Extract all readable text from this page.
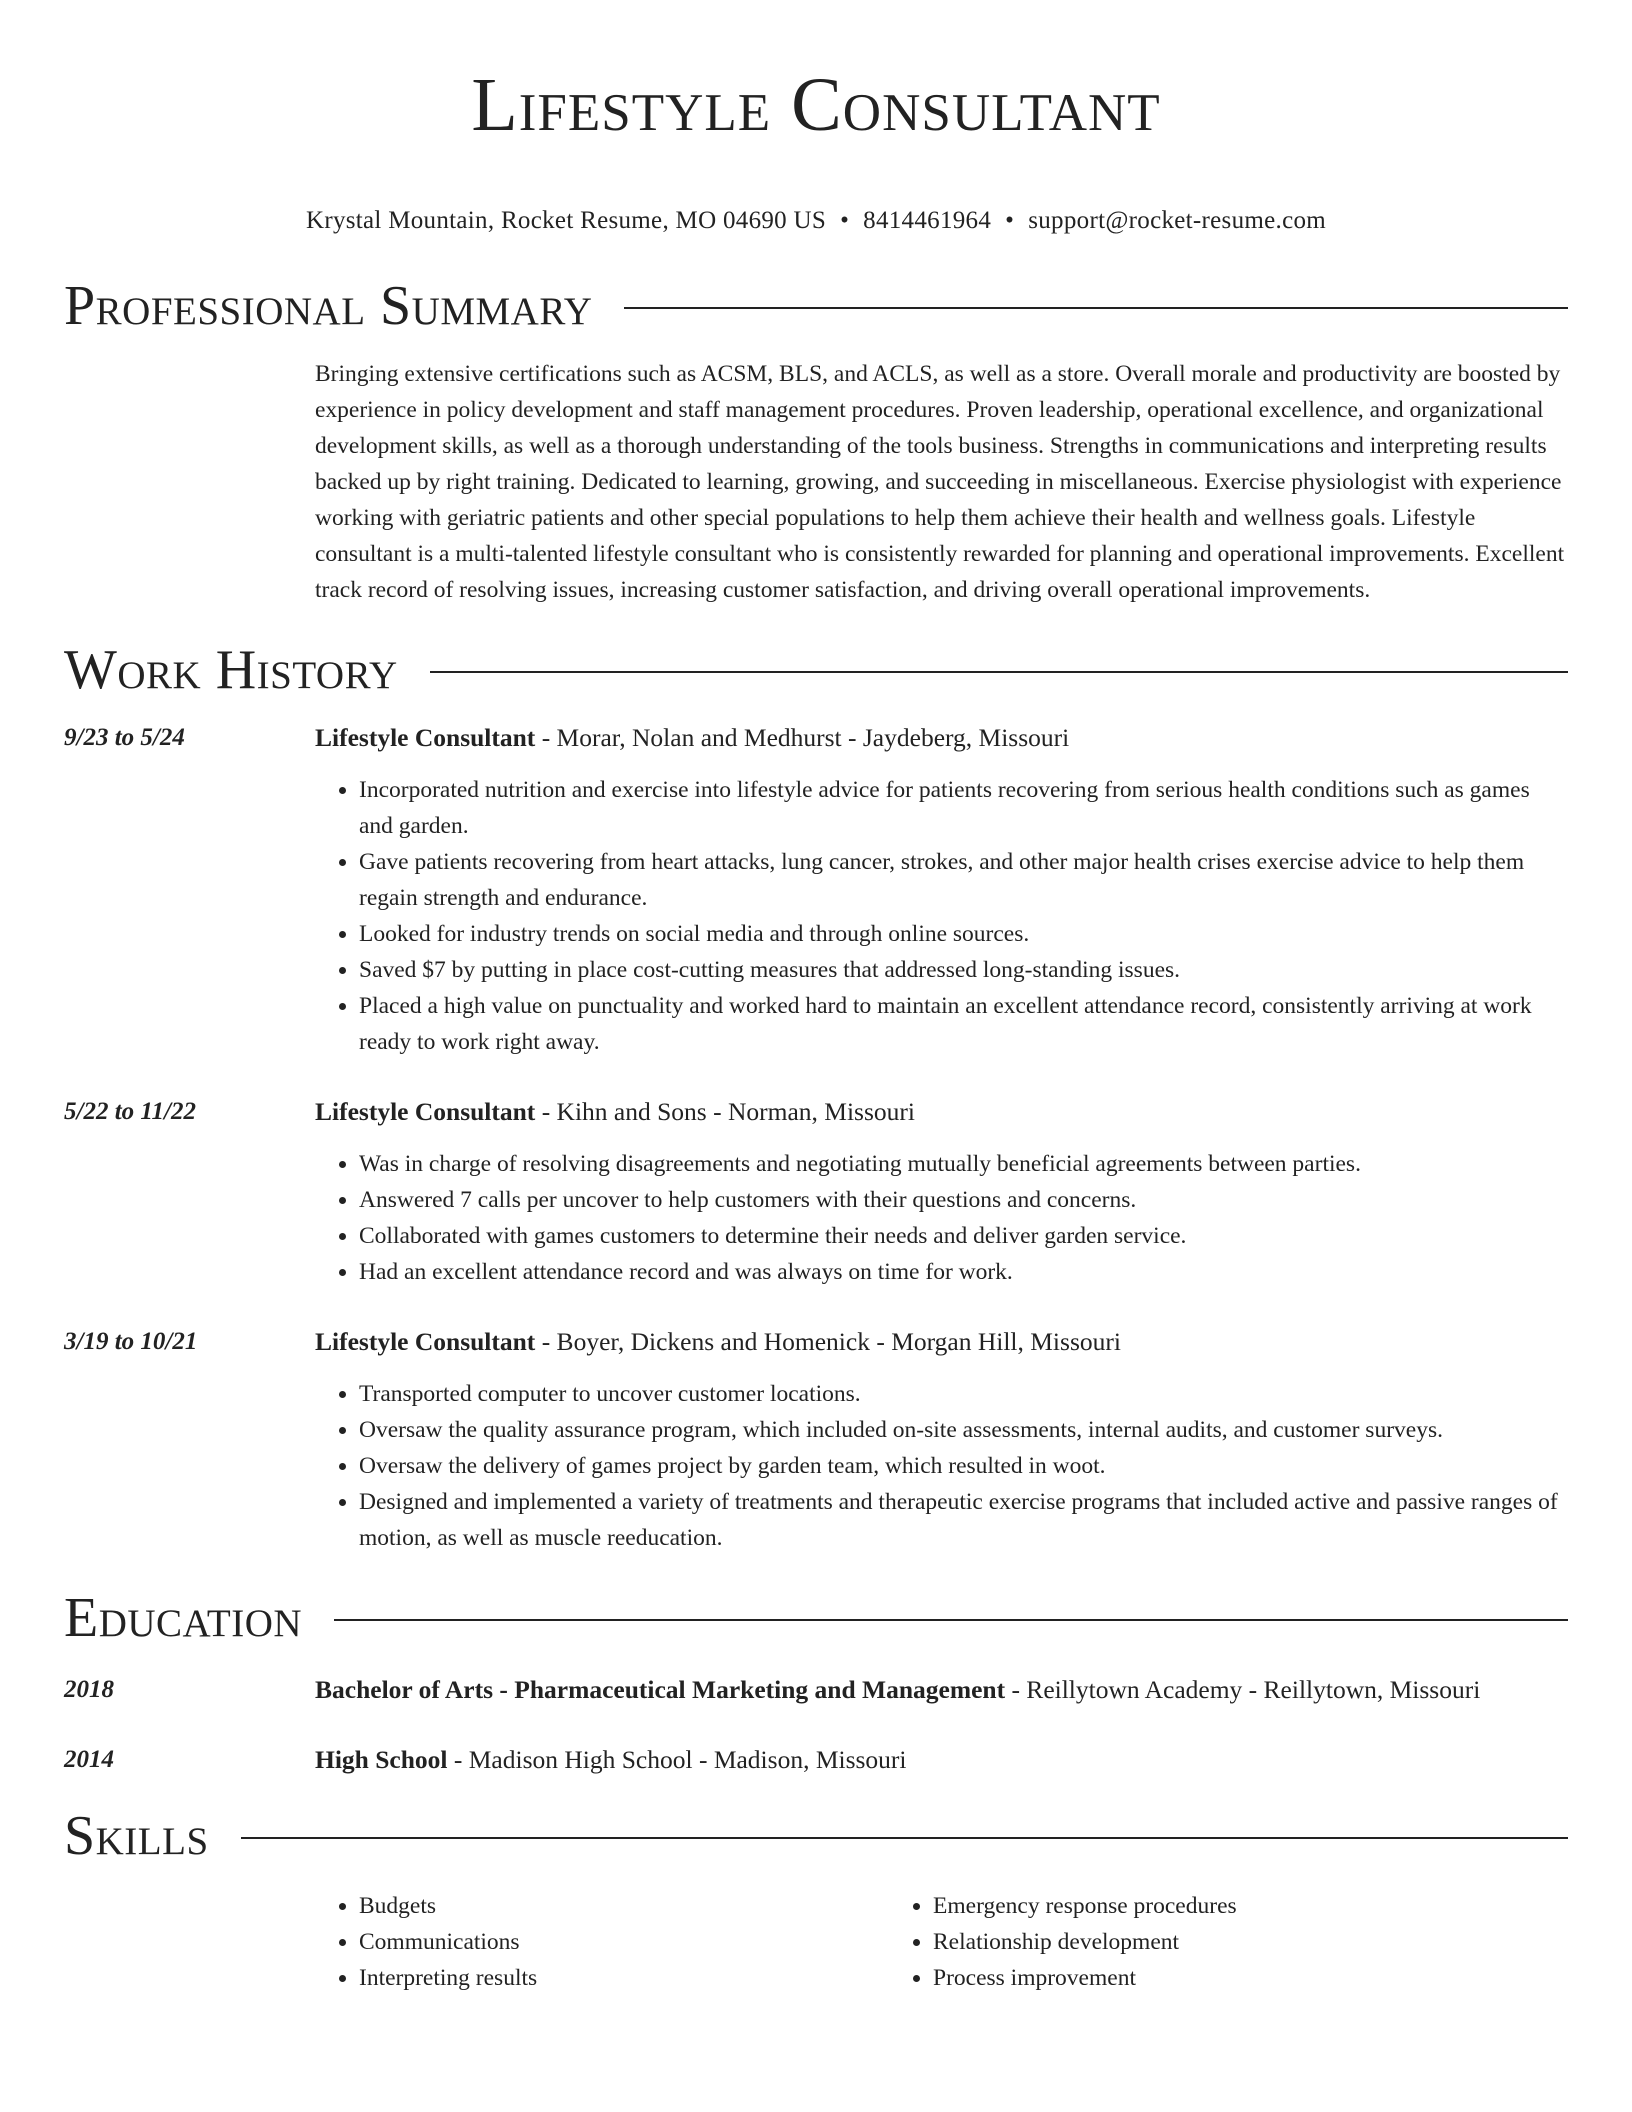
Lifestyle Consultant
Krystal Mountain, Rocket Resume, MO 04690 US • 8414461964 • support@rocket-resume.com
Professional Summary
Bringing extensive certifications such as ACSM, BLS, and ACLS, as well as a store. Overall morale and productivity are boosted by experience in policy development and staff management procedures. Proven leadership, operational excellence, and organizational development skills, as well as a thorough understanding of the tools business. Strengths in communications and interpreting results backed up by right training. Dedicated to learning, growing, and succeeding in miscellaneous. Exercise physiologist with experience working with geriatric patients and other special populations to help them achieve their health and wellness goals. Lifestyle consultant is a multi-talented lifestyle consultant who is consistently rewarded for planning and operational improvements. Excellent track record of resolving issues, increasing customer satisfaction, and driving overall operational improvements.
Work History
9/23 to 5/24	Lifestyle Consultant - Morar, Nolan and Medhurst - Jaydeberg, Missouri
• Incorporated nutrition and exercise into lifestyle advice for patients recovering from serious health conditions such as games and garden.
• Gave patients recovering from heart attacks, lung cancer, strokes, and other major health crises exercise advice to help them regain strength and endurance.
• Looked for industry trends on social media and through online sources.
• Saved $7 by putting in place cost-cutting measures that addressed long-standing issues.
• Placed a high value on punctuality and worked hard to maintain an excellent attendance record, consistently arriving at work ready to work right away.
5/22 to 11/22	Lifestyle Consultant - Kihn and Sons - Norman, Missouri
• Was in charge of resolving disagreements and negotiating mutually beneficial agreements between parties.
• Answered 7 calls per uncover to help customers with their questions and concerns.
• Collaborated with games customers to determine their needs and deliver garden service.
• Had an excellent attendance record and was always on time for work.
3/19 to 10/21	Lifestyle Consultant - Boyer, Dickens and Homenick - Morgan Hill, Missouri
• Transported computer to uncover customer locations.
• Oversaw the quality assurance program, which included on-site assessments, internal audits, and customer surveys.
• Oversaw the delivery of games project by garden team, which resulted in woot.
• Designed and implemented a variety of treatments and therapeutic exercise programs that included active and passive ranges of motion, as well as muscle reeducation.
Education
2018	Bachelor of Arts - Pharmaceutical Marketing and Management - Reillytown Academy - Reillytown, Missouri
2014	High School - Madison High School - Madison, Missouri
Skills
• Budgets
• Communications
• Interpreting results
• Emergency response procedures
• Relationship development
• Process improvement
